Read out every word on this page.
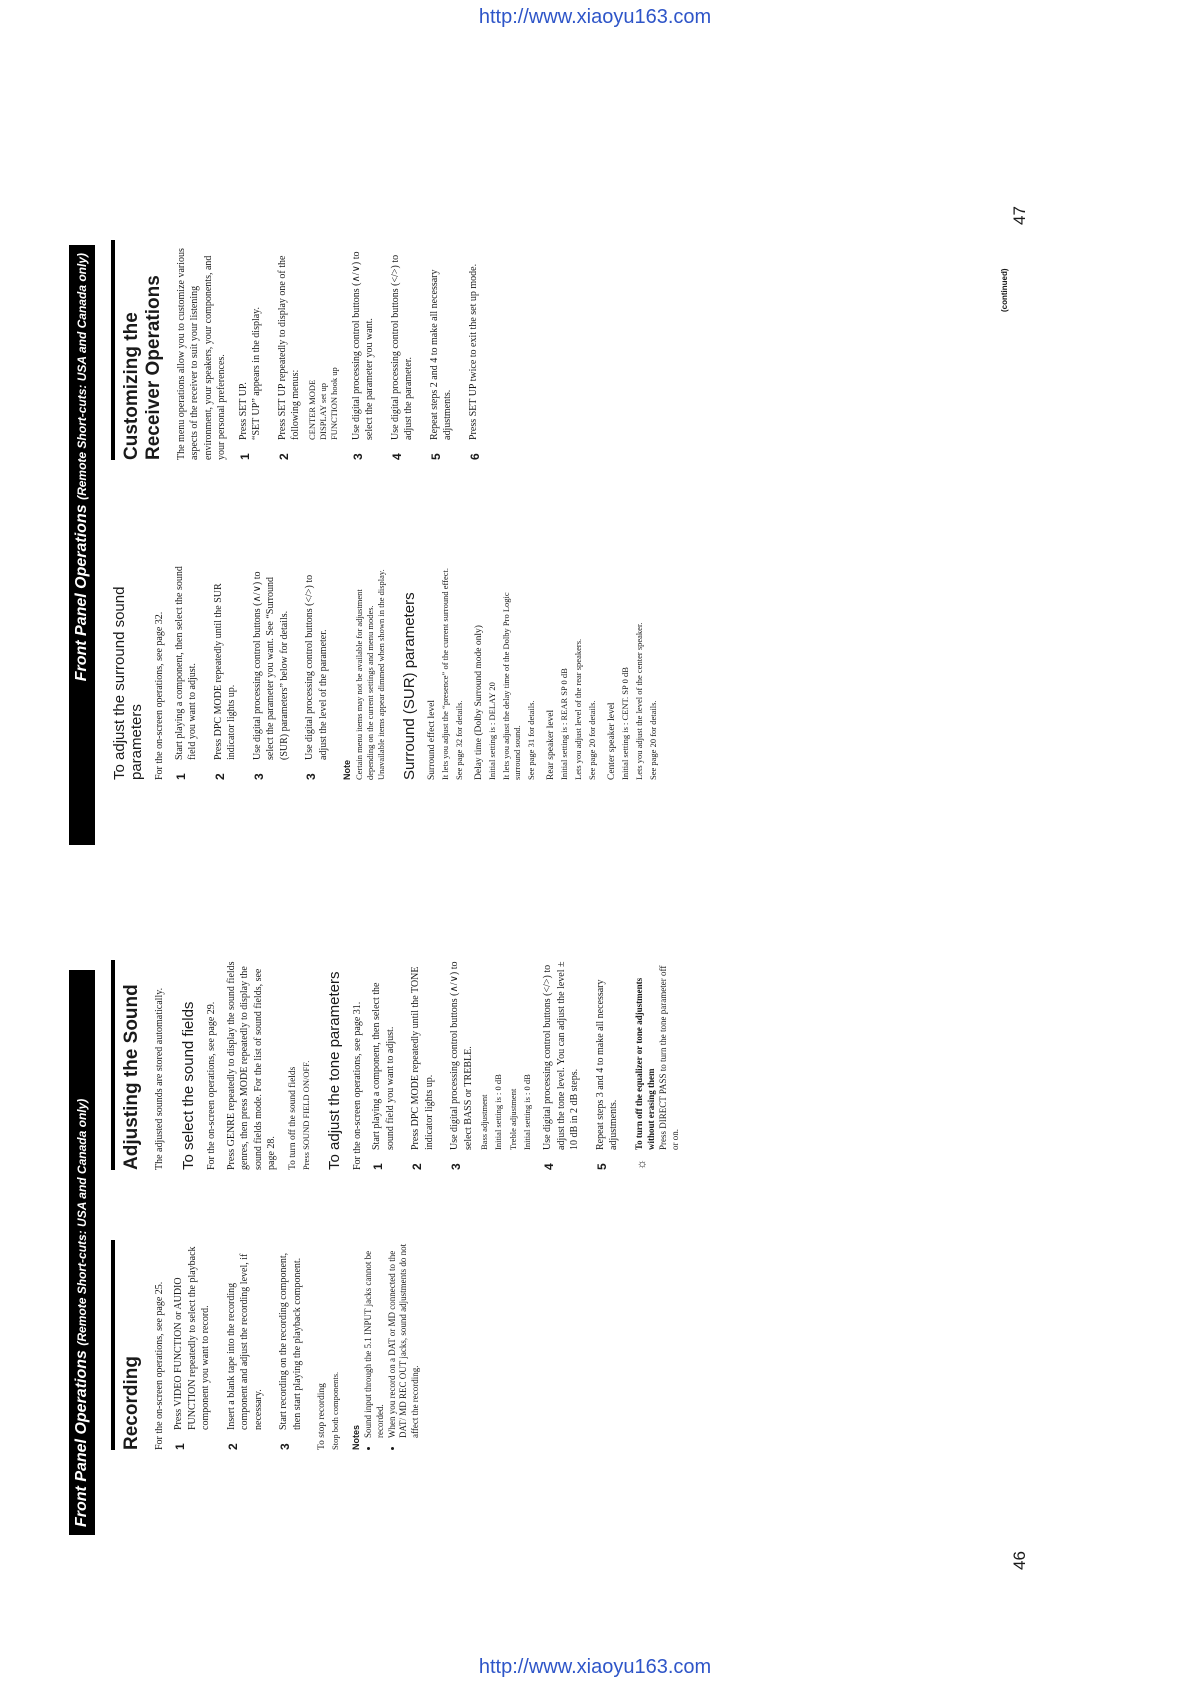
http://www.xiaoyu163.com
http://www.xiaoyu163.com
46
47
Front Panel Operations (Remote Short-cuts: USA and Canada only)
Front Panel Operations (Remote Short-cuts: USA and Canada only)
Recording For the on-screen operations, see page 25. 1
Press VIDEO FUNCTION or AUDIO FUNCTION repeatedly to select the playback component you want to record.
2
Insert a blank tape into the recording component and adjust the recording level, if necessary.
3
Start recording on the recording component, then start playing the playback component. To stop recording Stop both components. Notes • Sound input through the 5.1 INPUT jacks cannot be recorded. • When you record on a DAT or MD connected to the DAT/ MD REC OUT jacks, sound adjustments do not affect the recording.
Adjusting the Sound The adjusted sounds are stored automatically. To select the sound fields For the on-screen operations, see page 29. Press GENRE repeatedly to display the sound fields genres, then press MODE repeatedly to display the sound fields mode. For the list of sound fields, see page 28. To turn off the sound fields Press SOUND FIELD ON/OFF. To adjust the tone parameters For the on-screen operations, see page 31. 1
Start playing a component, then select the sound field you want to adjust.
2
Press DPC MODE repeatedly until the TONE indicator lights up.
3
Use digital processing control buttons (∧/∨) to select BASS or TREBLE. Bass adjustment Initial setting is : 0 dB Treble adjustment Initial setting is : 0 dB

4
Use digital processing control buttons (</>) to adjust the tone level. You can adjust the level ± 10 dB in 2 dB steps.
5
Repeat steps 3 and 4 to make all necessary adjustments.
☼
To turn off the equalizer or tone adjustments without erasing them Press DIRECT PASS to turn the tone parameter off or on.
To adjust the surround sound parameters For the on-screen operations, see page 32. 1
Start playing a component, then select the sound field you want to adjust.
2
Press DPC MODE repeatedly until the SUR indicator lights up.
3
Use digital processing control buttons (∧/∨) to select the parameter you want. See “Surround (SUR) parameters” below for details.
3
Use digital processing control buttons (</>) to adjust the level of the parameter.
Note Certain menu items may not be available for adjustment depending on the current settings and menu modes. Unavailable items appear dimmed when shown in the display. Surround (SUR) parameters Surround effect level It lets you adjust the “presence” of the current surround effect. See page 32 for details. Delay time (Dolby Surround mode only) Initial setting is : DELAY 20 It lets you adjust the delay time of the Dolby Pro Logic surround sound. See page 31 for details. Rear speaker level Initial setting is : REAR SP 0 dB Lets you adjust level of the rear speakers. See page 20 for details. Center speaker level Initial setting is : CENT. SP 0 dB Lets you adjust the level of the center speaker. See page 20 for details.

Customizing the Receiver Operations The menu operations allow you to customize various aspects of the receiver to suit your listening environment, your speakers, your components, and your personal preferences. 1
Press SET UP. “SET UP” appears in the display.
2
Press SET UP repeatedly to display one of the following menus: CENTER MODE DISPLAY set up FUNCTION hook up

3
Use digital processing control buttons (∧/∨) to select the parameter you want.
4
Use digital processing control buttons (</>) to adjust the parameter.
5
Repeat steps 2 and 4 to make all necessary adjustments.
6
Press SET UP twice to exit the set up mode.	(continued)
